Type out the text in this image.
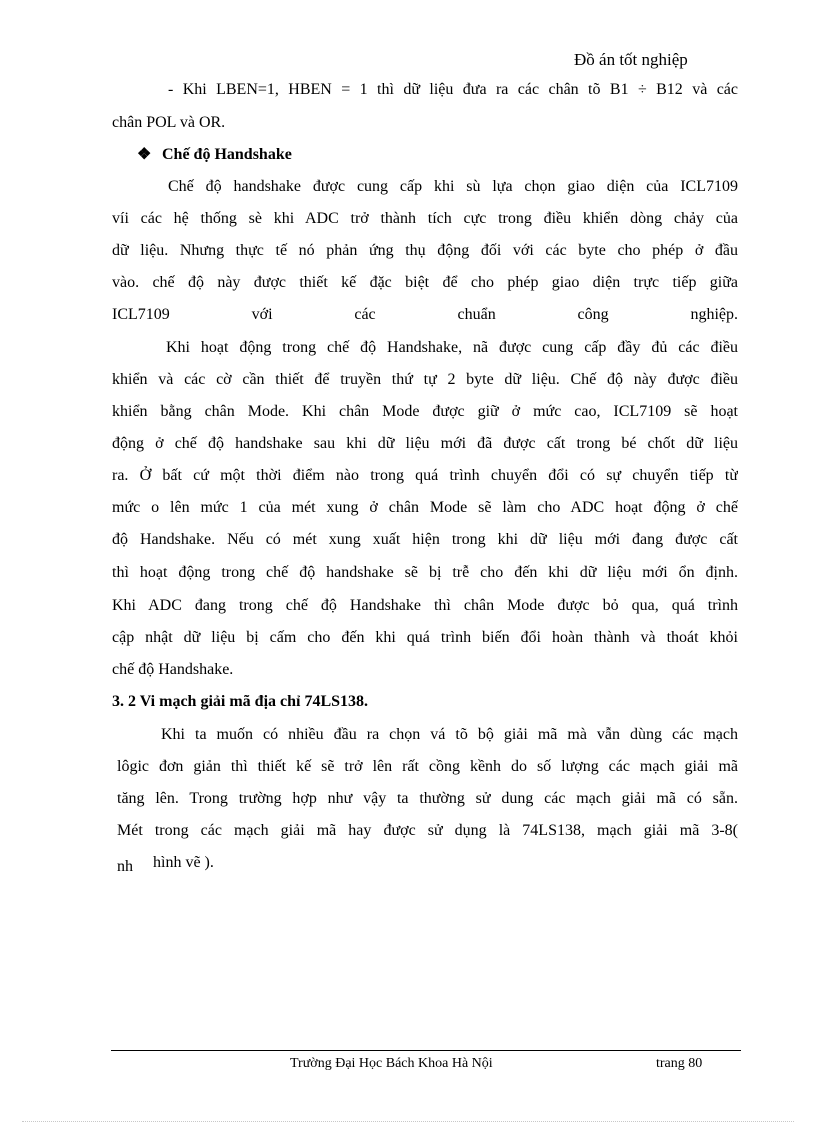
Đồ án tốt nghiệp
- Khi LBEN=1, HBEN = 1 thì dữ liệu đưa ra các chân tõ B1 ÷ B12 và các
chân POL và OR.
❖ Chế độ Handshake
Chế độ handshake được cung cấp khi sù lựa chọn giao diện của ICL7109
víi các hệ thống sè khi ADC trở thành tích cực trong điều khiển dòng chảy của
dữ liệu. Nhưng thực tế nó phản ứng thụ động đối với các byte cho phép ở đầu
vào. chế độ này được thiết kế đặc biệt để cho phép giao diện trực tiếp giữa
ICL7109	với	các	chuẩn	công	nghiệp.
Khi hoạt động trong chế độ Handshake, nã được cung cấp đầy đủ các điều
khiển và các cờ cần thiết để truyền thứ tự 2 byte dữ liệu. Chế độ này được điều
khiển bằng chân Mode. Khi chân Mode được giữ ở mức cao, ICL7109 sẽ hoạt
động ở chế độ handshake sau khi dữ liệu mới đã được cất trong bé chốt dữ liệu
ra. Ở bất cứ một thời điểm nào trong quá trình chuyển đổi có sự chuyển tiếp từ
mức o lên mức 1 của mét xung ở chân Mode sẽ làm cho ADC hoạt động ở chế
độ Handshake. Nếu có mét xung xuất hiện trong khi dữ liệu mới đang được cất
thì hoạt động trong chế độ handshake sẽ bị trễ cho đến khi dữ liệu mới ổn định.
Khi ADC đang trong chế độ Handshake thì chân Mode được bỏ qua, quá trình
cập nhật dữ liệu bị cấm cho đến khi quá trình biến đổi hoàn thành và thoát khỏi
chế độ Handshake.
3. 2 Vi mạch giải mã địa chỉ 74LS138.
Khi ta muốn có nhiều đầu ra chọn vá tõ bộ giải mã mà vẫn dùng các mạch
lôgic đơn giản thì thiết kế sẽ trở lên rất cồng kềnh do số lượng các mạch giải mã
tăng lên. Trong trường hợp như vậy ta thường sử dung các mạch giải mã có sẵn.
Mét trong các mạch giải mã hay được sử dụng là 74LS138, mạch giải mã 3-8(
nh hình vẽ ).
Trường Đại Học Bách Khoa Hà Nội	trang 80
